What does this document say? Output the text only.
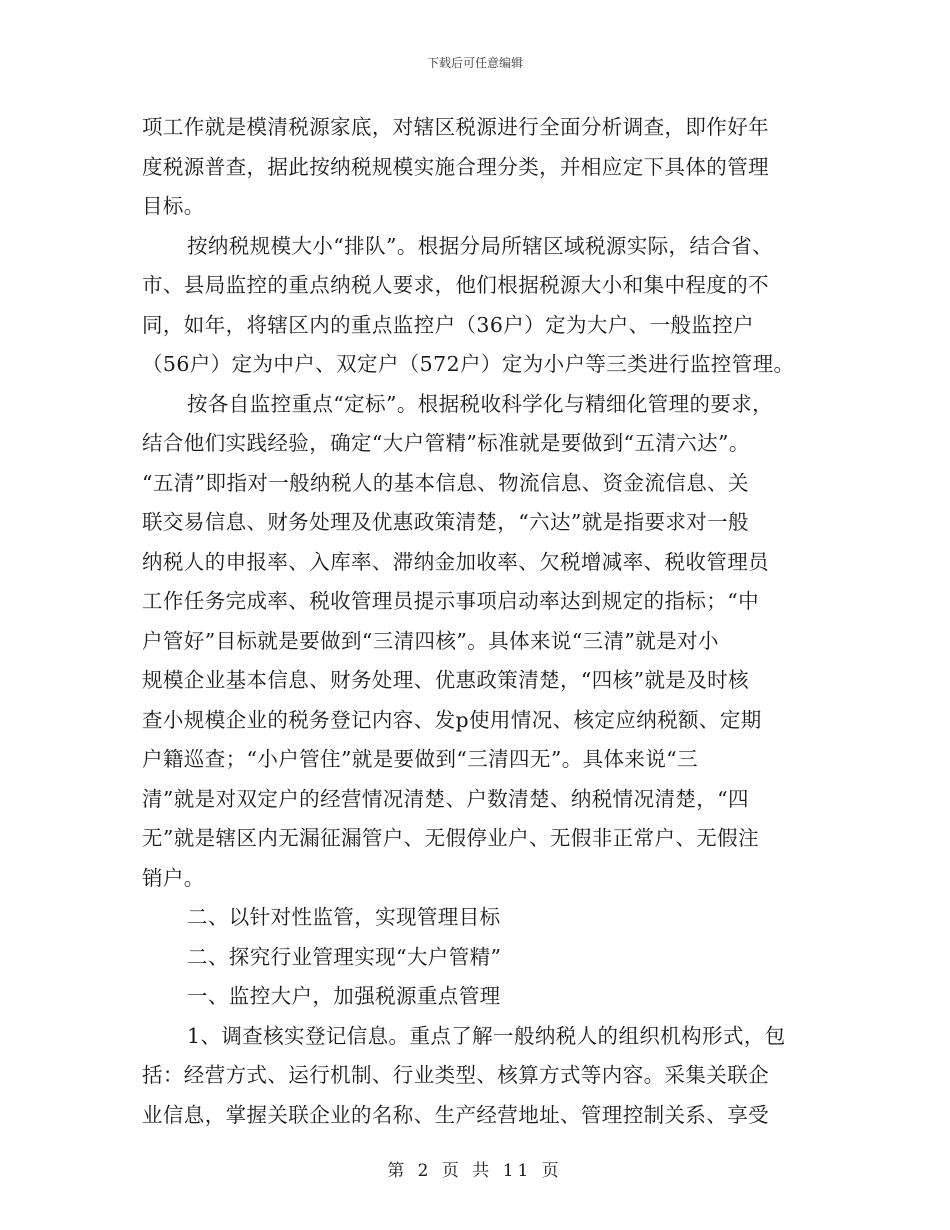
下载后可任意编辑
项工作就是模清税源家底，对辖区税源进行全面分析调查，即作好年
度税源普查，据此按纳税规模实施合理分类，并相应定下具体的管理
目标。
按纳税规模大小“排队”。根据分局所辖区域税源实际，结合省、
市、县局监控的重点纳税人要求，他们根据税源大小和集中程度的不
同，如年，将辖区内的重点监控户（36户）定为大户、一般监控户
（56户）定为中户、双定户（572户）定为小户等三类进行监控管理。
按各自监控重点“定标”。根据税收科学化与精细化管理的要求，
结合他们实践经验，确定“大户管精”标准就是要做到“五清六达”。
“五清”即指对一般纳税人的基本信息、物流信息、资金流信息、关
联交易信息、财务处理及优惠政策清楚，“六达”就是指要求对一般
纳税人的申报率、入库率、滞纳金加收率、欠税增减率、税收管理员
工作任务完成率、税收管理员提示事项启动率达到规定的指标；“中
户管好”目标就是要做到“三清四核”。具体来说“三清”就是对小
规模企业基本信息、财务处理、优惠政策清楚，“四核”就是及时核
查小规模企业的税务登记内容、发p使用情况、核定应纳税额、定期
户籍巡查；“小户管住”就是要做到“三清四无”。具体来说“三
清”就是对双定户的经营情况清楚、户数清楚、纳税情况清楚，“四
无”就是辖区内无漏征漏管户、无假停业户、无假非正常户、无假注
销户。
二、以针对性监管，实现管理目标
二、探究行业管理实现“大户管精”
一、监控大户，加强税源重点管理
1、调查核实登记信息。重点了解一般纳税人的组织机构形式，包
括：经营方式、运行机制、行业类型、核算方式等内容。采集关联企
业信息，掌握关联企业的名称、生产经营地址、管理控制关系、享受
第 2 页 共 11 页
